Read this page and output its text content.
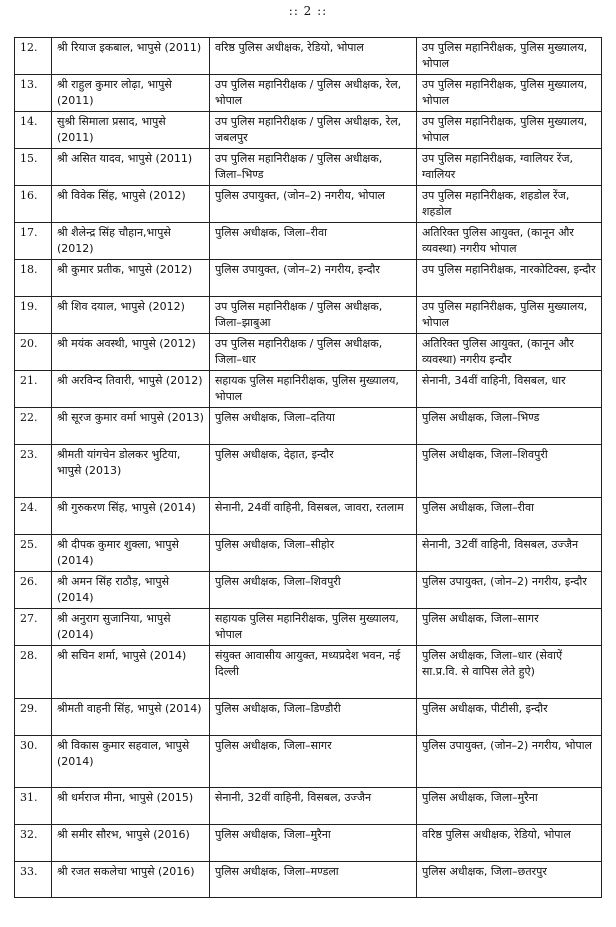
:: 2 ::
12.	श्री रियाज इकबाल, भापुसे (2011)	वरिष्ठ पुलिस अधीक्षक, रेडियो, भोपाल	उप पुलिस महानिरीक्षक, पुलिस मुख्यालय, भोपाल
13.	श्री राहुल कुमार लोढ़ा, भापुसे (2011)	उप पुलिस महानिरीक्षक / पुलिस अधीक्षक, रेल, भोपाल	उप पुलिस महानिरीक्षक, पुलिस मुख्यालय, भोपाल
14.	सुश्री सिमाला प्रसाद, भापुसे (2011)	उप पुलिस महानिरीक्षक / पुलिस अधीक्षक, रेल, जबलपुर	उप पुलिस महानिरीक्षक, पुलिस मुख्यालय, भोपाल
15.	श्री असित यादव, भापुसे (2011)	उप पुलिस महानिरीक्षक / पुलिस अधीक्षक, जिला–भिण्ड	उप पुलिस महानिरीक्षक, ग्वालियर रेंज, ग्वालियर
16.	श्री विवेक सिंह, भापुसे (2012)	पुलिस उपायुक्त, (जोन–2) नगरीय, भोपाल	उप पुलिस महानिरीक्षक, शहडोल रेंज, शहडोल
17.	श्री शैलेन्द्र सिंह चौहान,भापुसे (2012)	पुलिस अधीक्षक, जिला–रीवा	अतिरिक्त पुलिस आयुक्त, (कानून और व्यवस्था) नगरीय भोपाल
18.	श्री कुमार प्रतीक, भापुसे (2012)	पुलिस उपायुक्त, (जोन–2) नगरीय, इन्दौर	उप पुलिस महानिरीक्षक, नारकोटिक्स, इन्दौर
19.	श्री शिव दयाल, भापुसे (2012)	उप पुलिस महानिरीक्षक / पुलिस अधीक्षक, जिला–झाबुआ	उप पुलिस महानिरीक्षक, पुलिस मुख्यालय, भोपाल
20.	श्री मयंक अवस्थी, भापुसे (2012)	उप पुलिस महानिरीक्षक / पुलिस अधीक्षक, जिला–धार	अतिरिक्त पुलिस आयुक्त, (कानून और व्यवस्था) नगरीय इन्दौर
21.	श्री अरविन्द तिवारी, भापुसे (2012)	सहायक पुलिस महानिरीक्षक, पुलिस मुख्यालय, भोपाल	सेनानी, 34वीं वाहिनी, विसबल, धार
22.	श्री सूरज कुमार वर्मा भापुसे (2013)	पुलिस अधीक्षक, जिला–दतिया	पुलिस अधीक्षक, जिला–भिण्ड
23.	श्रीमती यांगचेन डोलकर भुटिया, भापुसे (2013)	पुलिस अधीक्षक, देहात, इन्दौर	पुलिस अधीक्षक, जिला–शिवपुरी
24.	श्री गुरुकरण सिंह, भापुसे (2014)	सेनानी, 24वीं वाहिनी, विसबल, जावरा, रतलाम	पुलिस अधीक्षक, जिला–रीवा
25.	श्री दीपक कुमार शुक्ला, भापुसे (2014)	पुलिस अधीक्षक, जिला–सीहोर	सेनानी, 32वीं वाहिनी, विसबल, उज्जैन
26.	श्री अमन सिंह राठौड़, भापुसे (2014)	पुलिस अधीक्षक, जिला–शिवपुरी	पुलिस उपायुक्त, (जोन–2) नगरीय, इन्दौर
27.	श्री अनुराग सुजानिया, भापुसे (2014)	सहायक पुलिस महानिरीक्षक, पुलिस मुख्यालय, भोपाल	पुलिस अधीक्षक, जिला–सागर
28.	श्री सचिन शर्मा, भापुसे (2014)	संयुक्त आवासीय आयुक्त, मध्यप्रदेश भवन, नई दिल्ली	पुलिस अधीक्षक, जिला–धार (सेवाऐं सा.प्र.वि. से वापिस लेते हुऐ)
29.	श्रीमती वाहनी सिंह, भापुसे (2014)	पुलिस अधीक्षक, जिला–डिण्डौरी	पुलिस अधीक्षक, पीटीसी, इन्दौर
30.	श्री विकास कुमार सहवाल, भापुसे (2014)	पुलिस अधीक्षक, जिला–सागर	पुलिस उपायुक्त, (जोन–2) नगरीय, भोपाल
31.	श्री धर्मराज मीना, भापुसे (2015)	सेनानी, 32वीं वाहिनी, विसबल, उज्जैन	पुलिस अधीक्षक, जिला–मुरैना
32.	श्री समीर सौरभ, भापुसे (2016)	पुलिस अधीक्षक, जिला–मुरैना	वरिष्ठ पुलिस अधीक्षक, रेडियो, भोपाल
33.	श्री रजत सकलेचा भापुसे (2016)	पुलिस अधीक्षक, जिला–मण्डला	पुलिस अधीक्षक, जिला–छतरपुर
